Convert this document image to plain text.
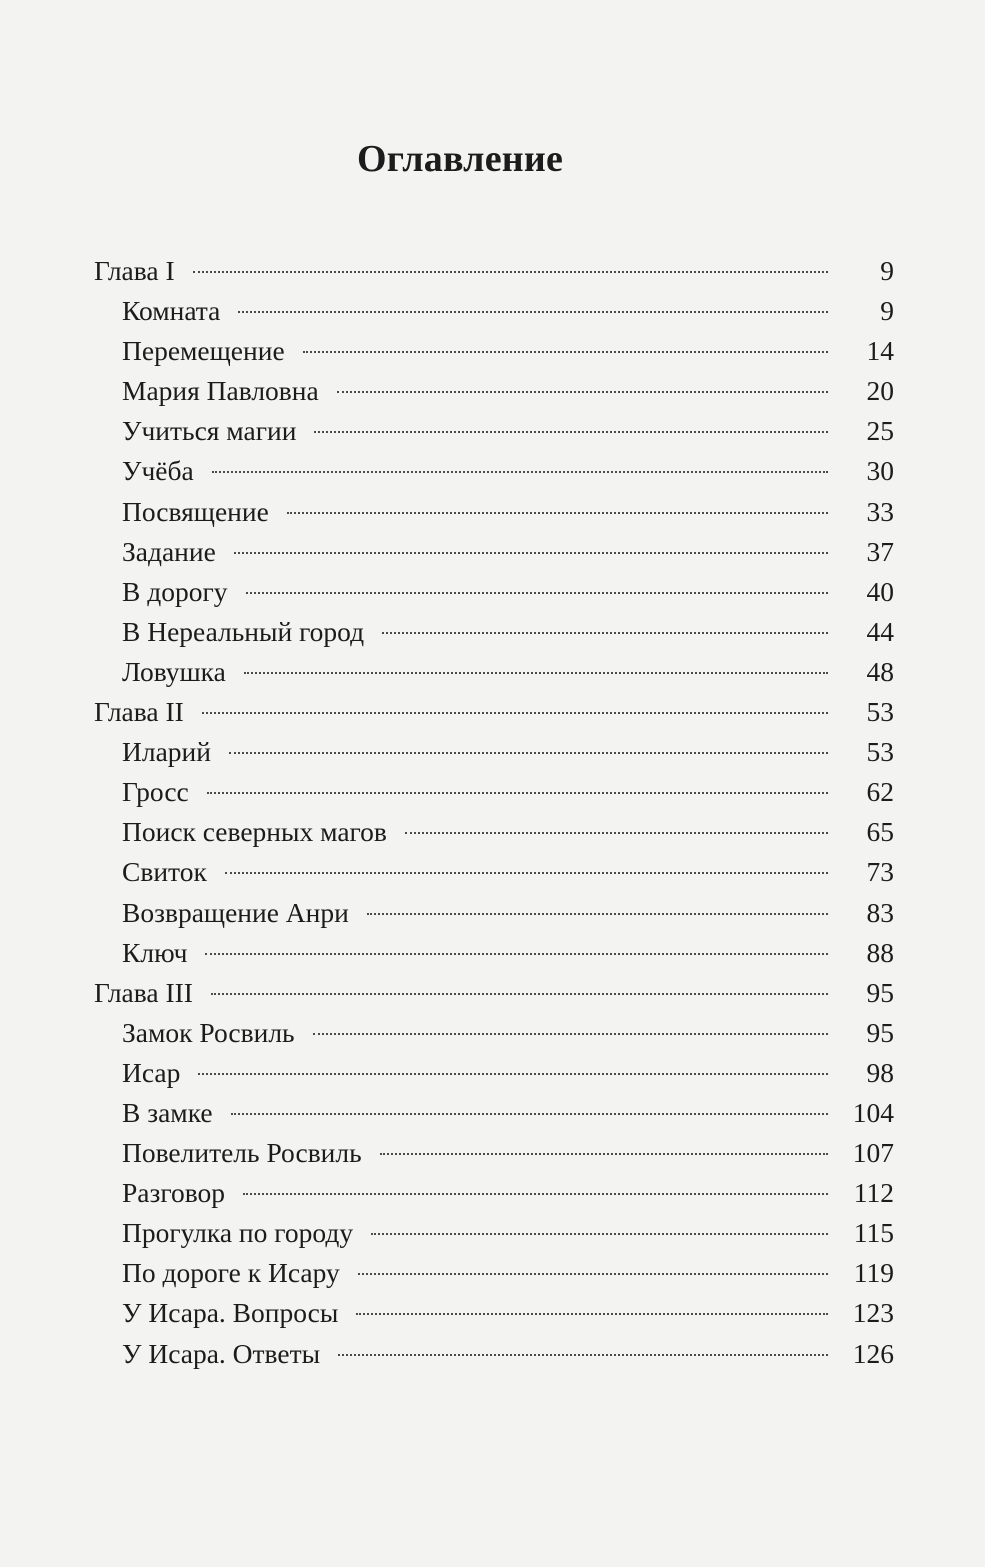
Оглавление
Глава I	9
Комната	9
Перемещение	14
Мария Павловна	20
Учиться магии	25
Учёба	30
Посвящение	33
Задание	37
В дорогу	40
В Нереальный город	44
Ловушка	48
Глава II	53
Иларий	53
Гросс	62
Поиск северных магов	65
Свиток	73
Возвращение Анри	83
Ключ	88
Глава III	95
Замок Росвиль	95
Исар	98
В замке	104
Повелитель Росвиль	107
Разговор	112
Прогулка по городу	115
По дороге к Исару	119
У Исара. Вопросы	123
У Исара. Ответы	126
